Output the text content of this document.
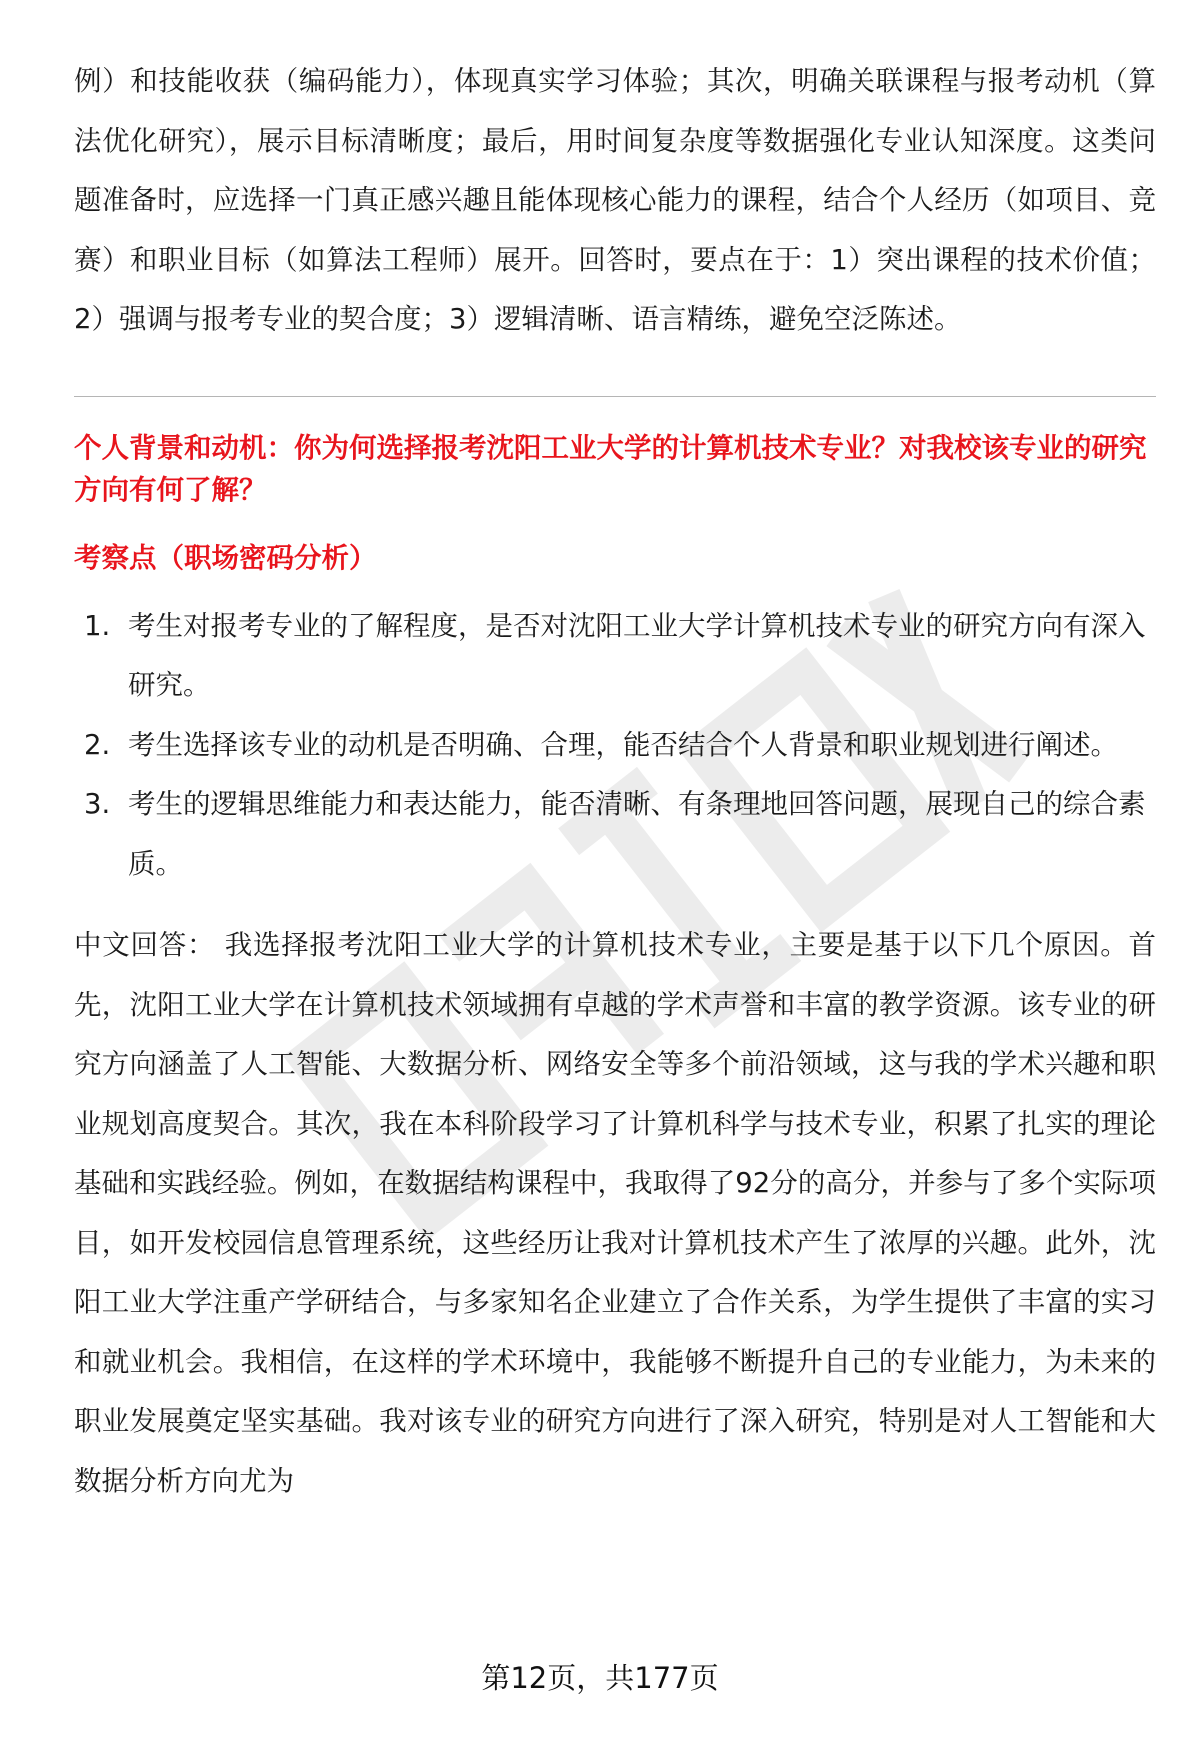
例）和技能收获（编码能力），体现真实学习体验；其次，明确关联课程与报考动机（算法优化研究），展示目标清晰度；最后，用时间复杂度等数据强化专业认知深度。这类问题准备时，应选择一门真正感兴趣且能体现核心能力的课程，结合个人经历（如项目、竞赛）和职业目标（如算法工程师）展开。回答时，要点在于：1）突出课程的技术价值；2）强调与报考专业的契合度；3）逻辑清晰、语言精练，避免空泛陈述。

个人背景和动机：你为何选择报考沈阳工业大学的计算机技术专业？对我校该专业的研究方向有何了解？
考察点（职场密码分析）
1. 考生对报考专业的了解程度，是否对沈阳工业大学计算机技术专业的研究方向有深入研究。
2. 考生选择该专业的动机是否明确、合理，能否结合个人背景和职业规划进行阐述。
3. 考生的逻辑思维能力和表达能力，能否清晰、有条理地回答问题，展现自己的综合素质。

中文回答： 我选择报考沈阳工业大学的计算机技术专业，主要是基于以下几个原因。首先，沈阳工业大学在计算机技术领域拥有卓越的学术声誉和丰富的教学资源。该专业的研究方向涵盖了人工智能、大数据分析、网络安全等多个前沿领域，这与我的学术兴趣和职业规划高度契合。其次，我在本科阶段学习了计算机科学与技术专业，积累了扎实的理论基础和实践经验。例如，在数据结构课程中，我取得了92分的高分，并参与了多个实际项目，如开发校园信息管理系统，这些经历让我对计算机技术产生了浓厚的兴趣。此外，沈阳工业大学注重产学研结合，与多家知名企业建立了合作关系，为学生提供了丰富的实习和就业机会。我相信，在这样的学术环境中，我能够不断提升自己的专业能力，为未来的职业发展奠定坚实基础。我对该专业的研究方向进行了深入研究，特别是对人工智能和大数据分析方向尤为

第12页，共177页
